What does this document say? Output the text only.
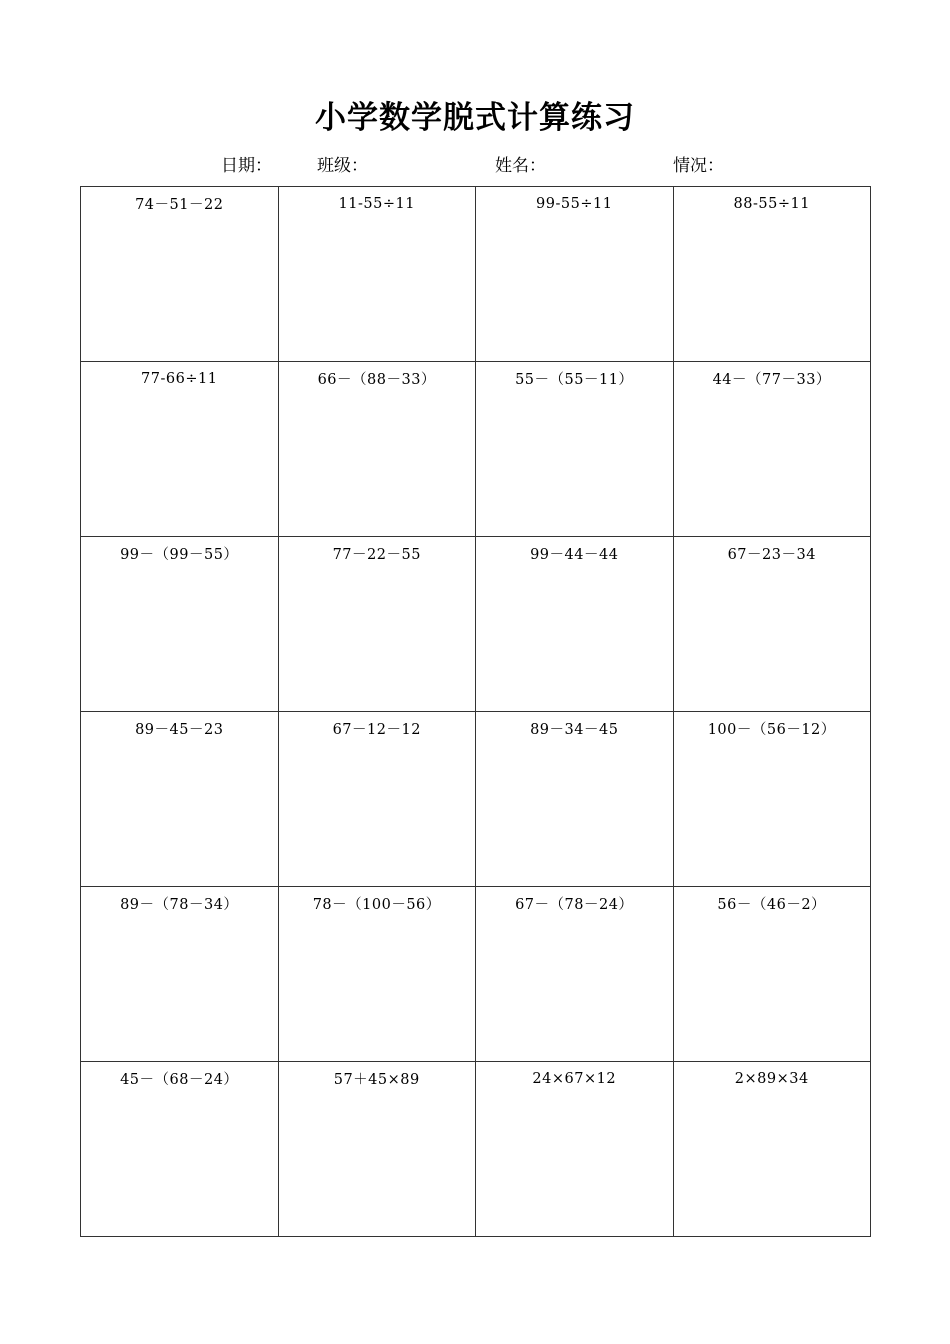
小学数学脱式计算练习
日期：	班级：	姓名：	情况：
74－51－22	11-55÷11	99-55÷11	88-55÷11
77-66÷11	66－（88－33）	55－（55－11）	44－（77－33）
99－（99－55）	77－22－55	99－44－44	67－23－34
89－45－23	67－12－12	89－34－45	100－（56－12）
89－（78－34）	78－（100－56）	67－（78－24）	56－（46－2）
45－（68－24）	57＋45×89	24×67×12	2×89×34
